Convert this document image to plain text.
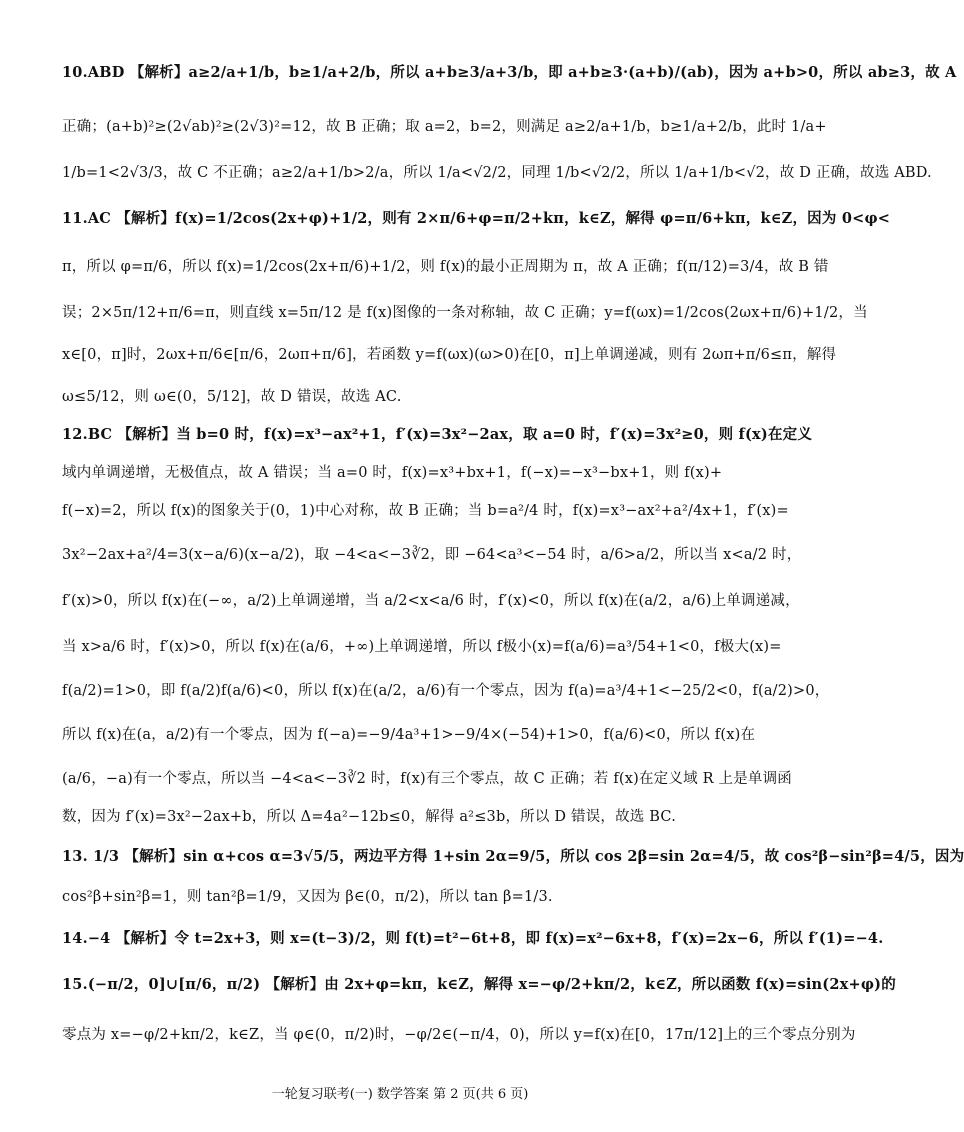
10.ABD 【解析】a≥2/a+1/b，b≥1/a+2/b，所以 a+b≥3/a+3/b，即 a+b≥3·(a+b)/(ab)，因为 a+b>0，所以 ab≥3，故 A
正确；(a+b)²≥(2√ab)²≥(2√3)²=12，故 B 正确；取 a=2，b=2，则满足 a≥2/a+1/b，b≥1/a+2/b，此时 1/a+
1/b=1<2√3/3，故 C 不正确；a≥2/a+1/b>2/a，所以 1/a<√2/2，同理 1/b<√2/2，所以 1/a+1/b<√2，故 D 正确，故选 ABD.
11.AC 【解析】f(x)=1/2cos(2x+φ)+1/2，则有 2×π/6+φ=π/2+kπ，k∈Z，解得 φ=π/6+kπ，k∈Z，因为 0<φ<
π，所以 φ=π/6，所以 f(x)=1/2cos(2x+π/6)+1/2，则 f(x)的最小正周期为 π，故 A 正确；f(π/12)=3/4，故 B 错
误；2×5π/12+π/6=π，则直线 x=5π/12 是 f(x)图像的一条对称轴，故 C 正确；y=f(ωx)=1/2cos(2ωx+π/6)+1/2，当
x∈[0，π]时，2ωx+π/6∈[π/6，2ωπ+π/6]，若函数 y=f(ωx)(ω>0)在[0，π]上单调递减，则有 2ωπ+π/6≤π，解得
ω≤5/12，则 ω∈(0，5/12]，故 D 错误，故选 AC.
12.BC 【解析】当 b=0 时，f(x)=x³−ax²+1，f′(x)=3x²−2ax，取 a=0 时，f′(x)=3x²≥0，则 f(x)在定义
域内单调递增，无极值点，故 A 错误；当 a=0 时，f(x)=x³+bx+1，f(−x)=−x³−bx+1，则 f(x)+
f(−x)=2，所以 f(x)的图象关于(0，1)中心对称，故 B 正确；当 b=a²/4 时，f(x)=x³−ax²+a²/4x+1，f′(x)=
3x²−2ax+a²/4=3(x−a/6)(x−a/2)，取 −4<a<−3∛2，即 −64<a³<−54 时，a/6>a/2，所以当 x<a/2 时，
f′(x)>0，所以 f(x)在(−∞，a/2)上单调递增，当 a/2<x<a/6 时，f′(x)<0，所以 f(x)在(a/2，a/6)上单调递减，
当 x>a/6 时，f′(x)>0，所以 f(x)在(a/6，+∞)上单调递增，所以 f极小(x)=f(a/6)=a³/54+1<0，f极大(x)=
f(a/2)=1>0，即 f(a/2)f(a/6)<0，所以 f(x)在(a/2，a/6)有一个零点，因为 f(a)=a³/4+1<−25/2<0，f(a/2)>0，
所以 f(x)在(a，a/2)有一个零点，因为 f(−a)=−9/4a³+1>−9/4×(−54)+1>0，f(a/6)<0，所以 f(x)在
(a/6，−a)有一个零点，所以当 −4<a<−3∛2 时，f(x)有三个零点，故 C 正确；若 f(x)在定义域 R 上是单调函
数，因为 f′(x)=3x²−2ax+b，所以 Δ=4a²−12b≤0，解得 a²≤3b，所以 D 错误，故选 BC.
13. 1/3 【解析】sin α+cos α=3√5/5，两边平方得 1+sin 2α=9/5，所以 cos 2β=sin 2α=4/5，故 cos²β−sin²β=4/5，因为
cos²β+sin²β=1，则 tan²β=1/9，又因为 β∈(0，π/2)，所以 tan β=1/3.
14.−4 【解析】令 t=2x+3，则 x=(t−3)/2，则 f(t)=t²−6t+8，即 f(x)=x²−6x+8，f′(x)=2x−6，所以 f′(1)=−4.
15.(−π/2，0]∪[π/6，π/2) 【解析】由 2x+φ=kπ，k∈Z，解得 x=−φ/2+kπ/2，k∈Z，所以函数 f(x)=sin(2x+φ)的
零点为 x=−φ/2+kπ/2，k∈Z，当 φ∈(0，π/2)时，−φ/2∈(−π/4，0)，所以 y=f(x)在[0，17π/12]上的三个零点分别为
一轮复习联考(一) 数学答案 第 2 页(共 6 页)
